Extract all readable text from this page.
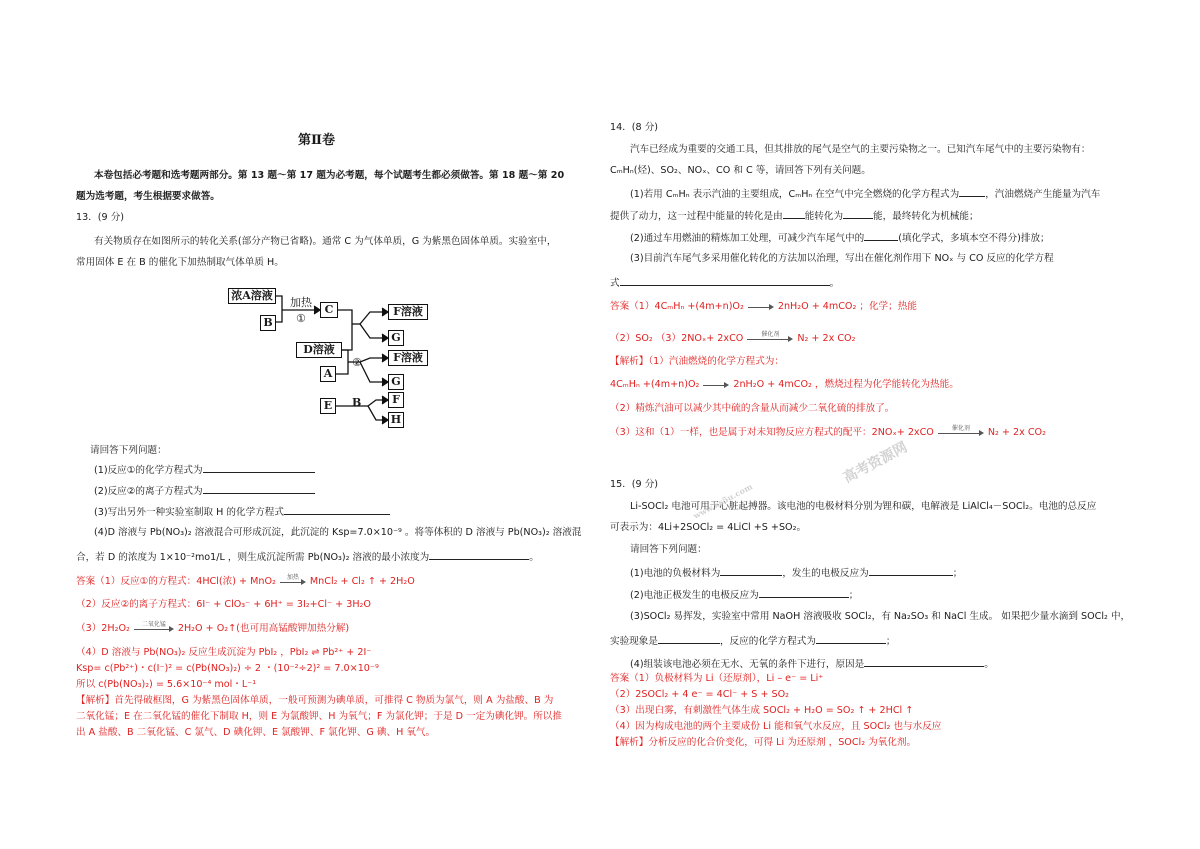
第Ⅱ卷
本卷包括必考题和选考题两部分。第 13 题～第 17 题为必考题，每个试题考生都必须做答。第 18 题～第 20
题为选考题，考生根据要求做答。
13．(9 分)
有关物质存在如图所示的转化关系(部分产物已省略)。通常 C 为气体单质，G 为紫黑色固体单质。实验室中，
常用固体 E 在 B 的催化下加热制取气体单质 H。
浓A溶液
B
加热
①
C
D溶液
A
②
E	B
F溶液
G
F溶液
G
F
H
请回答下列问题：
(1)反应①的化学方程式为
(2)反应②的离子方程式为
(3)写出另外一种实验室制取 H 的化学方程式
(4)D 溶液与 Pb(NO₃)₂ 溶液混合可形成沉淀，此沉淀的 Ksp=7.0×10⁻⁹ 。将等体积的 D 溶液与 Pb(NO₃)₂ 溶液混
合，若 D 的浓度为 1×10⁻²mo1/L ，则生成沉淀所需 Pb(NO₃)₂ 溶液的最小浓度为	。
答案（1）反应①的方程式：4HCl(浓) + MnO₂	加热	MnCl₂ + Cl₂ ↑ + 2H₂O
（2）反应②的离子方程式：6I⁻ + ClO₃⁻ + 6H⁺ = 3I₂+Cl⁻ + 3H₂O
（3）2H₂O₂	二氧化锰	2H₂O + O₂↑(也可用高锰酸钾加热分解)
（4）D 溶液与 Pb(NO₃)₂ 反应生成沉淀为 PbI₂ ，PbI₂ ⇌ Pb²⁺ + 2I⁻
Ksp= c(Pb²⁺)・c(I⁻)² = c(Pb(NO₃)₂) ÷ 2 ・(10⁻²÷2)² = 7.0×10⁻⁹
所以 c(Pb(NO₃)₂) = 5.6×10⁻⁴ mol・L⁻¹
【解析】首先得破框图，G 为紫黑色固体单质，一般可预测为碘单质，可推得 C 物质为氯气，则 A 为盐酸、B 为
二氧化锰；E 在二氧化锰的催化下制取 H，则 E 为氯酸钾、H 为氧气；F 为氯化钾；于是 D 一定为碘化钾。所以推
出 A 盐酸、B 二氧化锰、C 氯气、D 碘化钾、E 氯酸钾、F 氯化钾、G 碘、H 氧气。
14．(8 分)
汽车已经成为重要的交通工具，但其排放的尾气是空气的主要污染物之一。已知汽车尾气中的主要污染物有：
CₘHₙ(烃)、SO₂、NOₓ、CO 和 C 等，请回答下列有关问题。
(1)若用 CₘHₙ 表示汽油的主要组成，CₘHₙ 在空气中完全燃烧的化学方程式为	，汽油燃烧产生能量为汽车
提供了动力，这一过程中能量的转化是由 能转化为	能，最终转化为机械能；
(2)通过车用燃油的精炼加工处理，可减少汽车尾气中的	(填化学式，多填本空不得分)排放；
(3)目前汽车尾气多采用催化转化的方法加以治理，写出在催化剂作用下 NOₓ 与 CO 反应的化学方程
式	。
答案（1）4CₘHₙ +(4m+n)O₂	2nH₂O + 4mCO₂ ；化学；热能
（2）SO₂ （3）2NOₓ+ 2xCO	催化剂	N₂ + 2x CO₂
【解析】（1）汽油燃烧的化学方程式为：
4CₘHₙ +(4m+n)O₂	2nH₂O + 4mCO₂ ，燃烧过程为化学能转化为热能。
（2）精炼汽油可以减少其中硫的含量从而减少二氧化硫的排放了。
（3）这和（1）一样，也是属于对未知物反应方程式的配平：2NOₓ+ 2xCO	催化剂	N₂ + 2x CO₂
15．(9 分)
Li-SOCl₂ 电池可用于心脏起搏器。该电池的电极材料分别为锂和碳，电解液是 LiAlCl₄－SOCl₂。电池的总反应
可表示为：4Li+2SOCl₂ = 4LiCl +S +SO₂。
请回答下列问题：
(1)电池的负极材料为	，发生的电极反应为	；
(2)电池正极发生的电极反应为	；
(3)SOCl₂ 易挥发，实验室中常用 NaOH 溶液吸收 SOCl₂，有 Na₂SO₃ 和 NaCl 生成。 如果把少量水滴到 SOCl₂ 中，
实验现象是	，反应的化学方程式为	；
(4)组装该电池必须在无水、无氧的条件下进行，原因是	。
答案（1）负极材料为 Li（还原剂），Li – e⁻ = Li⁺
（2）2SOCl₂ + 4 e⁻ = 4Cl⁻ + S + SO₂
（3）出现白雾，有刺激性气体生成 SOCl₂ + H₂O = SO₂ ↑ + 2HCl ↑
（4）因为构成电池的两个主要成份 Li 能和氧气水反应，且 SOCl₂ 也与水反应
【解析】分析反应的化合价变化，可得 Li 为还原剂 ，SOCl₂ 为氧化剂。
高考资源网
www.ks5u.com
